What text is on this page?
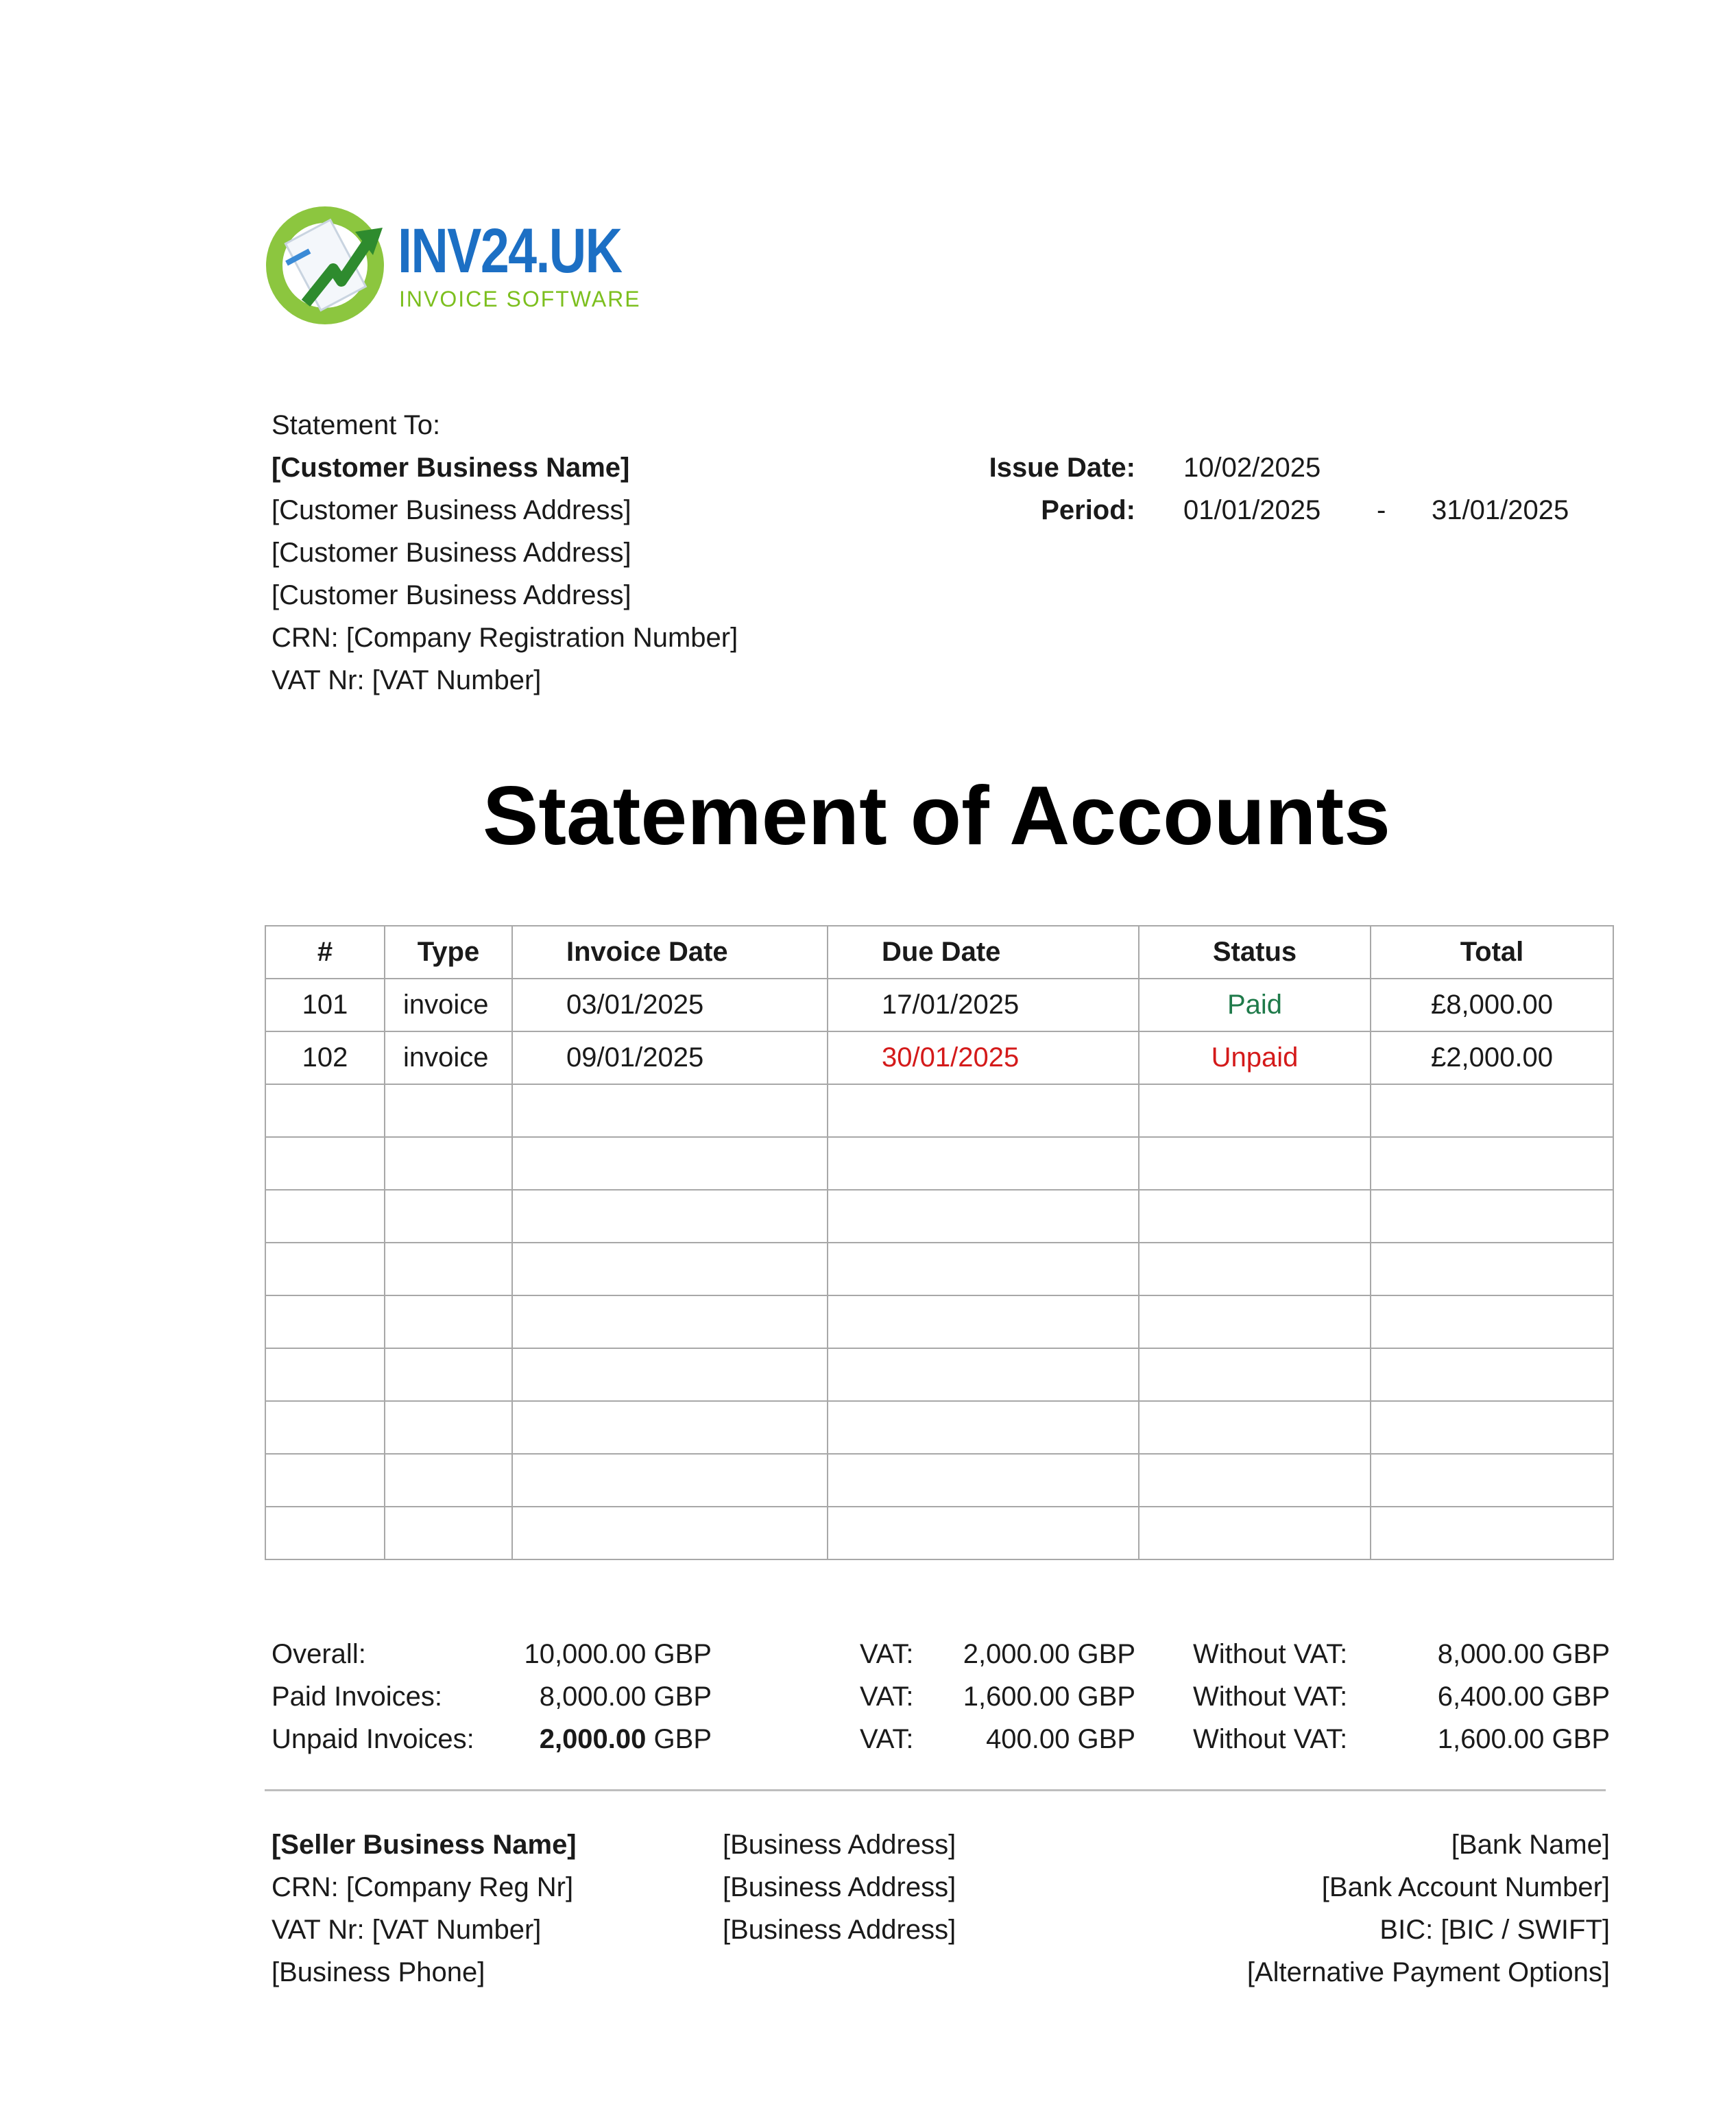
INV24.UK
INVOICE SOFTWARE
Statement To:
[Customer Business Name]
[Customer Business Address]
[Customer Business Address]
[Customer Business Address]
CRN: [Company Registration Number]
VAT Nr: [VAT Number]
Issue Date: 10/02/2025
Period: 01/01/2025 - 31/01/2025
Statement of Accounts
#	Type	Invoice Date	Due Date	Status	Total
101	invoice	03/01/2025	17/01/2025	Paid	£8,000.00
102	invoice	09/01/2025	30/01/2025	Unpaid	£2,000.00

Overall:	10,000.00 GBP	VAT:	2,000.00 GBP Without VAT:	8,000.00 GBP
Paid Invoices:	8,000.00 GBP	VAT:	1,600.00 GBP Without VAT:	6,400.00 GBP
Unpaid Invoices:	2,000.00 GBP	VAT:	400.00 GBP Without VAT:	1,600.00 GBP
[Seller Business Name]
CRN: [Company Reg Nr]
VAT Nr: [VAT Number]
[Business Phone]
[Business Address]
[Business Address]
[Business Address]
[Bank Name]
[Bank Account Number]
BIC: [BIC / SWIFT]
[Alternative Payment Options]
